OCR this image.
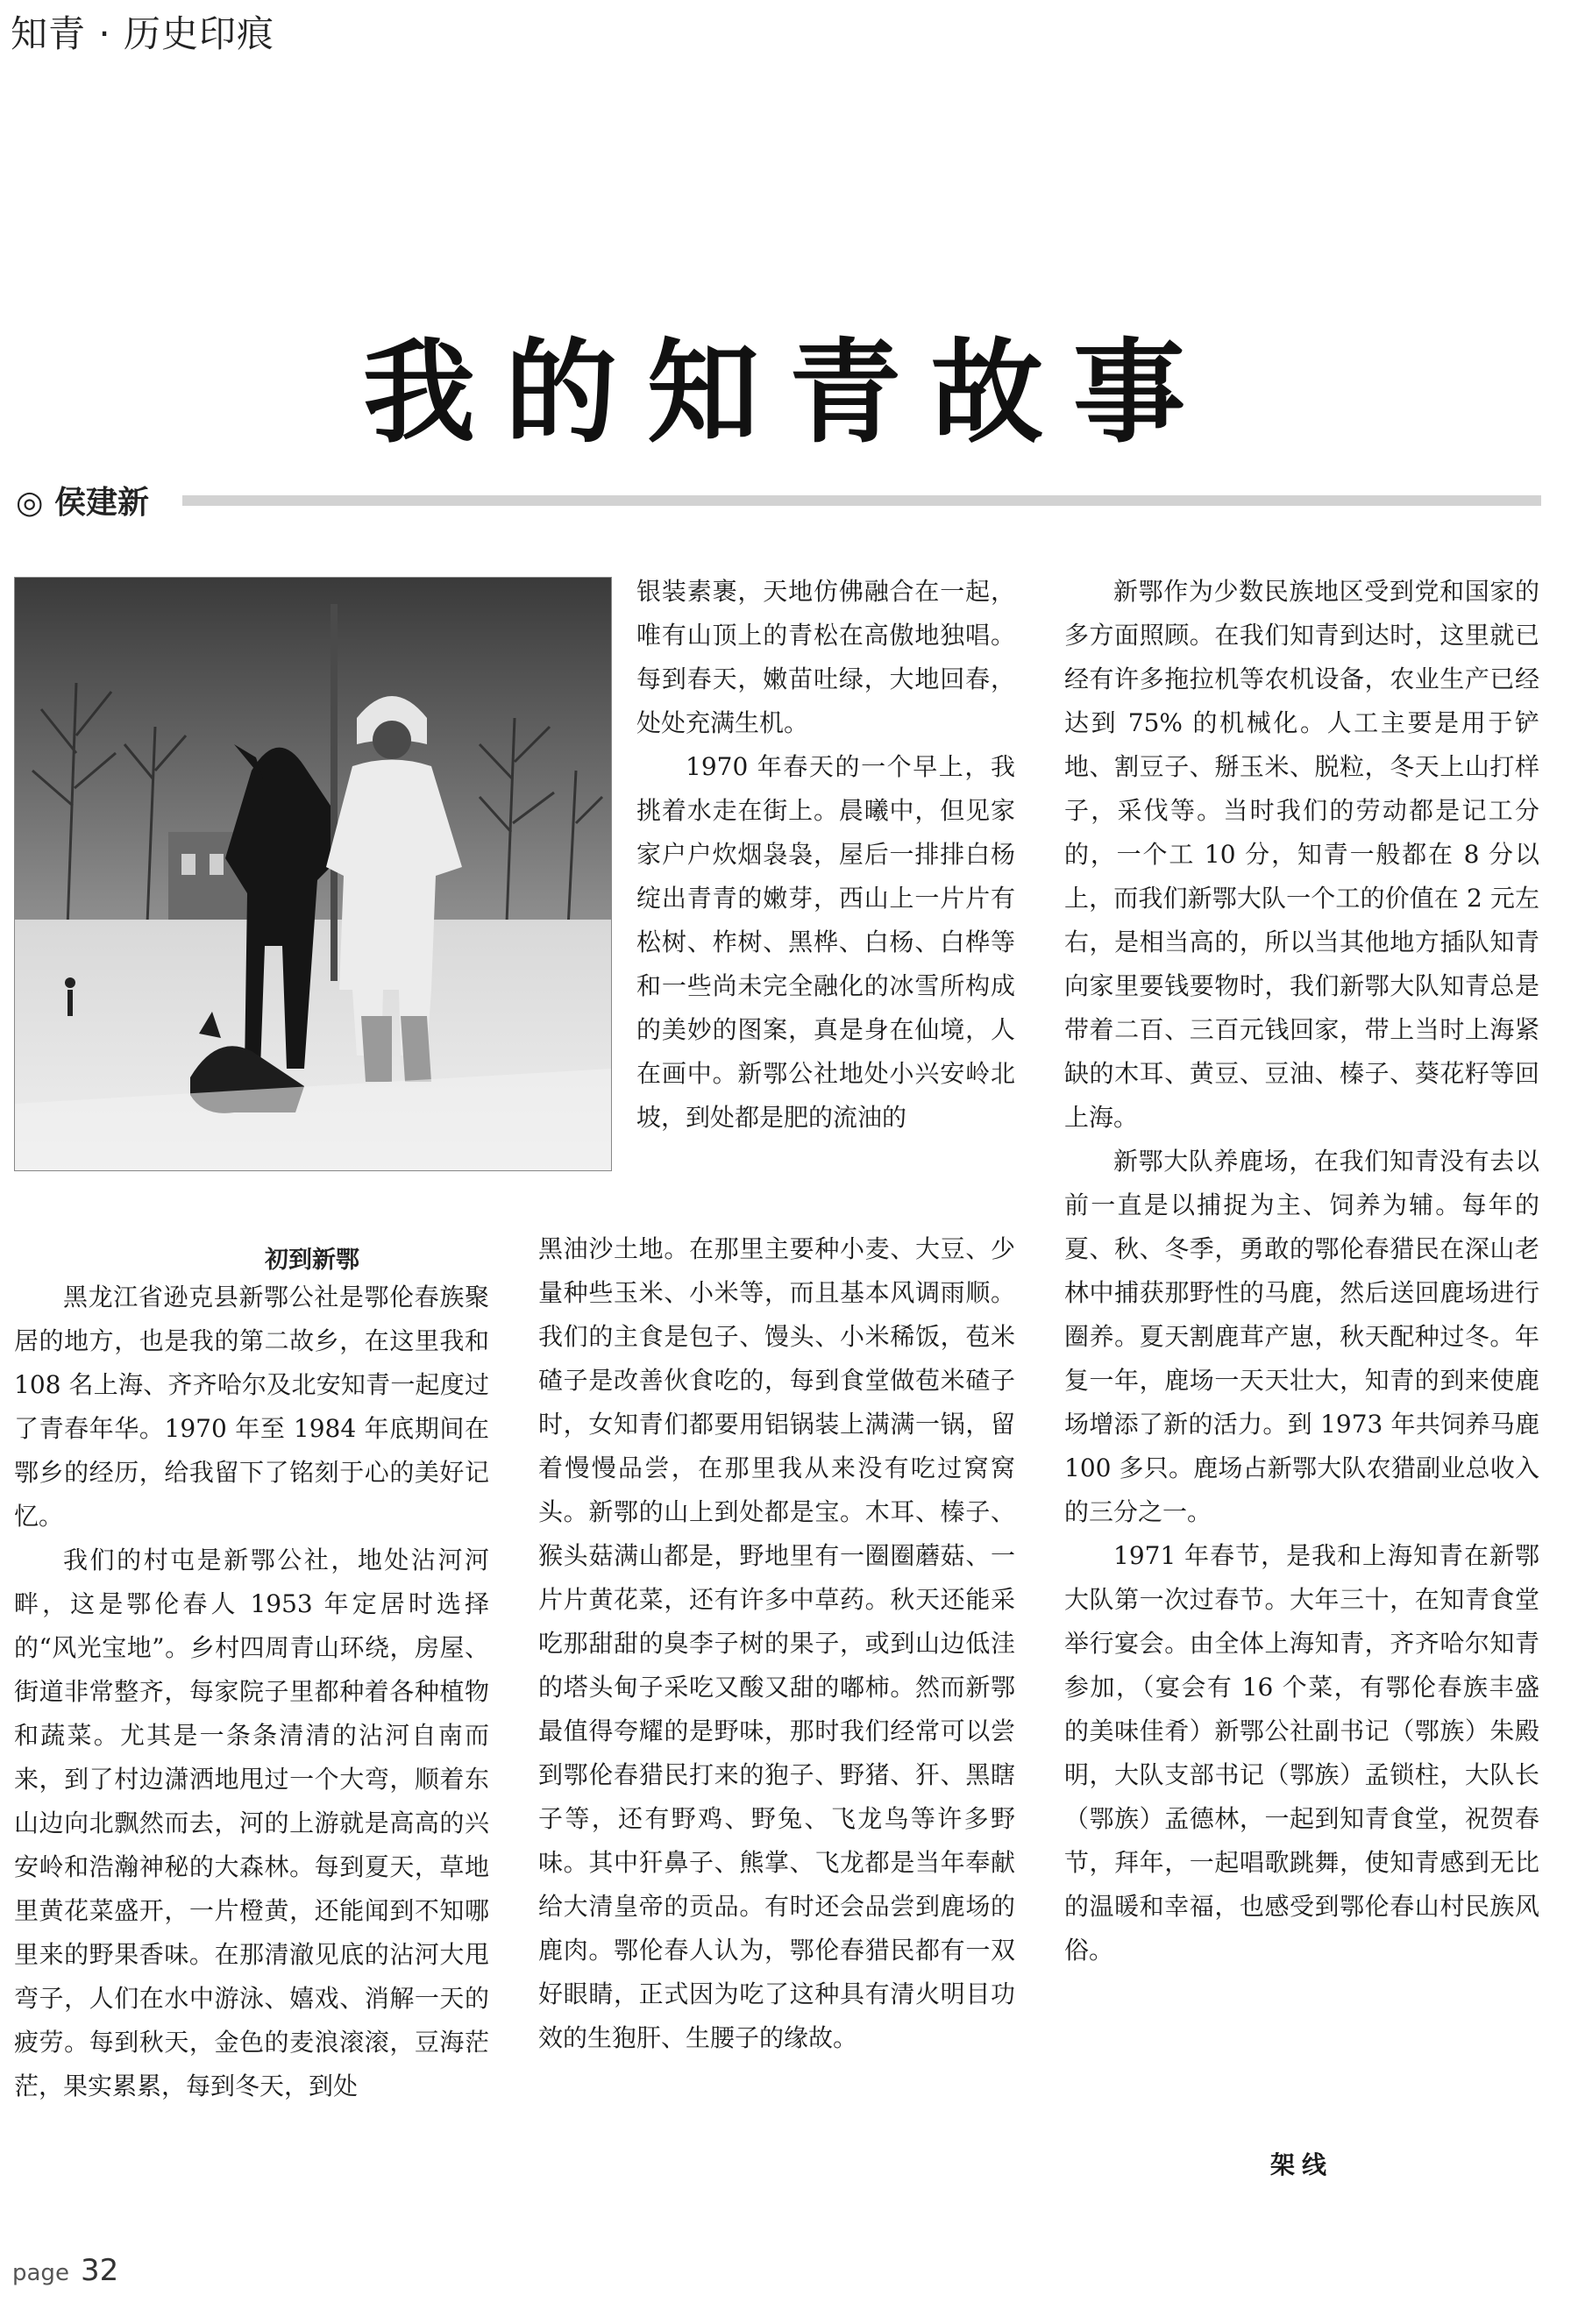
知青 · 历史印痕
我的知青故事
◎ 侯建新
初到新鄂

黑龙江省逊克县新鄂公社是鄂伦春族聚居的地方，也是我的第二故乡，在这里我和 108 名上海、齐齐哈尔及北安知青一起度过了青春年华。1970 年至 1984 年底期间在鄂乡的经历，给我留下了铭刻于心的美好记忆。

我们的村屯是新鄂公社，地处沾河河畔，这是鄂伦春人 1953 年定居时选择的“风光宝地”。乡村四周青山环绕，房屋、街道非常整齐，每家院子里都种着各种植物和蔬菜。尤其是一条条清清的沾河自南而来，到了村边潇洒地甩过一个大弯，顺着东山边向北飘然而去，河的上游就是高高的兴安岭和浩瀚神秘的大森林。每到夏天，草地里黄花菜盛开，一片橙黄，还能闻到不知哪里来的野果香味。在那清澈见底的沾河大甩弯子，人们在水中游泳、嬉戏、消解一天的疲劳。每到秋天，金色的麦浪滚滚，豆海茫茫，果实累累，每到冬天，到处

银装素裹，天地仿佛融合在一起，唯有山顶上的青松在高傲地独唱。每到春天，嫩苗吐绿，大地回春，处处充满生机。

1970 年春天的一个早上，我挑着水走在街上。晨曦中，但见家家户户炊烟袅袅，屋后一排排白杨绽出青青的嫩芽，西山上一片片有松树、柞树、黑桦、白杨、白桦等和一些尚未完全融化的冰雪所构成的美妙的图案，真是身在仙境，人在画中。新鄂公社地处小兴安岭北坡，到处都是肥的流油的

黑油沙土地。在那里主要种小麦、大豆、少量种些玉米、小米等，而且基本风调雨顺。我们的主食是包子、馒头、小米稀饭，苞米碴子是改善伙食吃的，每到食堂做苞米碴子时，女知青们都要用铝锅装上满满一锅，留着慢慢品尝，在那里我从来没有吃过窝窝头。新鄂的山上到处都是宝。木耳、榛子、猴头菇满山都是，野地里有一圈圈蘑菇、一片片黄花菜，还有许多中草药。秋天还能采吃那甜甜的臭李子树的果子，或到山边低洼的塔头甸子采吃又酸又甜的嘟柿。然而新鄂最值得夸耀的是野味，那时我们经常可以尝到鄂伦春猎民打来的狍子、野猪、犴、黑瞎子等，还有野鸡、野兔、飞龙鸟等许多野味。其中犴鼻子、熊掌、飞龙都是当年奉献给大清皇帝的贡品。有时还会品尝到鹿场的鹿肉。鄂伦春人认为，鄂伦春猎民都有一双好眼睛，正式因为吃了这种具有清火明目功效的生狍肝、生腰子的缘故。

新鄂作为少数民族地区受到党和国家的多方面照顾。在我们知青到达时，这里就已经有许多拖拉机等农机设备，农业生产已经达到 75% 的机械化。人工主要是用于铲地、割豆子、掰玉米、脱粒，冬天上山打样子，采伐等。当时我们的劳动都是记工分的，一个工 10 分，知青一般都在 8 分以上，而我们新鄂大队一个工的价值在 2 元左右，是相当高的，所以当其他地方插队知青向家里要钱要物时，我们新鄂大队知青总是带着二百、三百元钱回家，带上当时上海紧缺的木耳、黄豆、豆油、榛子、葵花籽等回上海。

新鄂大队养鹿场，在我们知青没有去以前一直是以捕捉为主、饲养为辅。每年的夏、秋、冬季，勇敢的鄂伦春猎民在深山老林中捕获那野性的马鹿，然后送回鹿场进行圈养。夏天割鹿茸产崽，秋天配种过冬。年复一年，鹿场一天天壮大，知青的到来使鹿场增添了新的活力。到 1973 年共饲养马鹿 100 多只。鹿场占新鄂大队农猎副业总收入的三分之一。

1971 年春节，是我和上海知青在新鄂大队第一次过春节。大年三十，在知青食堂举行宴会。由全体上海知青，齐齐哈尔知青参加，（宴会有 16 个菜，有鄂伦春族丰盛的美味佳肴）新鄂公社副书记（鄂族）朱殿明，大队支部书记（鄂族）孟锁柱，大队长（鄂族）孟德林，一起到知青食堂，祝贺春节，拜年，一起唱歌跳舞，使知青感到无比的温暖和幸福，也感受到鄂伦春山村民族风俗。

架线
page 32
